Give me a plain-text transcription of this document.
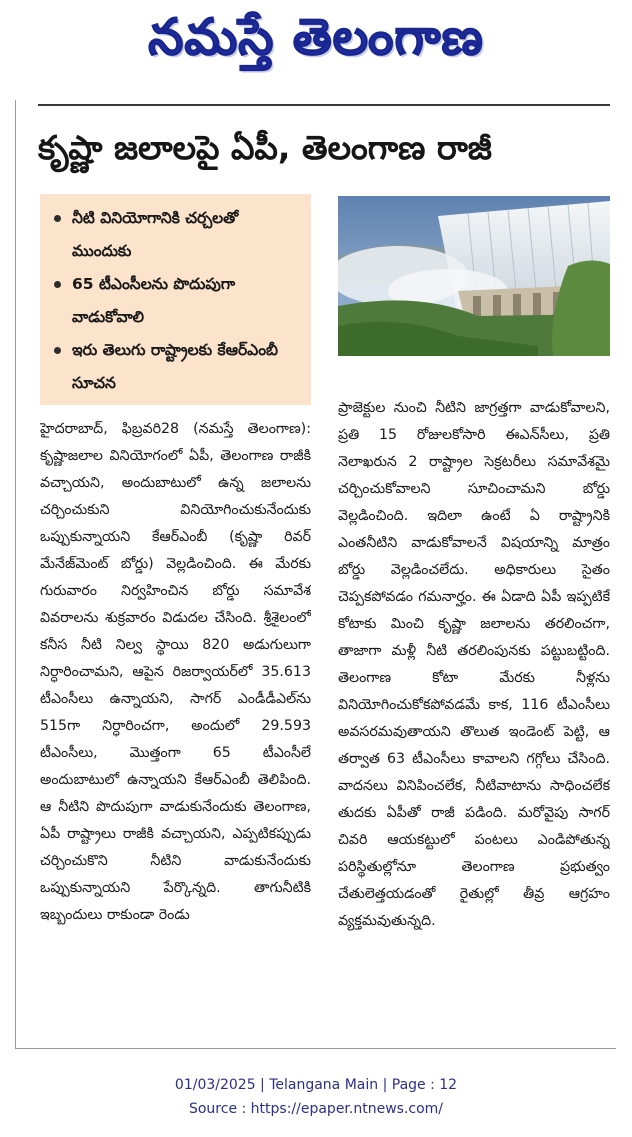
నమస్తే తెలంగాణ
కృష్ణా జలాలపై ఏపీ, తెలంగాణ రాజీ
నీటి వినియోగానికి చర్చలతో ముందుకు
65 టీఎంసీలను పొదుపుగా వాడుకోవాలి
ఇరు తెలుగు రాష్ట్రాలకు కేఆర్‌ఎంబీ సూచన
హైదరాబాద్, ఫిబ్రవరి28 (నమస్తే తెలంగాణ): కృష్ణాజలాల వినియోగంలో ఏపీ, తెలంగాణ రాజీకి వచ్చాయని, అందుబాటులో ఉన్న జలాలను చర్చించుకుని వినియోగించుకునేందుకు ఒప్పుకున్నాయని కేఆర్‌ఎంబీ (కృష్ణా రివర్ మేనేజ్‌మెంట్ బోర్డు) వెల్లడించింది. ఈ మేరకు గురువారం నిర్వహించిన బోర్డు సమావేశ వివరాలను శుక్రవారం విడుదల చేసింది. శ్రీశైలంలో కనీస నీటి నిల్వ స్థాయి 820 అడుగులుగా నిర్ధారించామని, ఆపైన రిజర్వాయర్‌లో 35.613 టీఎంసీలు ఉన్నాయని, సాగర్ ఎండీడీఎల్‌ను 515గా నిర్ధారించగా, అందులో 29.593 టీఎంసీలు, మొత్తంగా 65 టీఎంసీలే అందుబాటులో ఉన్నాయని కేఆర్‌ఎంబీ తెలిపింది. ఆ నీటిని పొదుపుగా వాడుకునేందుకు తెలంగాణ, ఏపీ రాష్ట్రాలు రాజీకి వచ్చాయని, ఎప్పటికప్పుడు చర్చించుకొని నీటిని వాడుకునేందుకు ఒప్పుకున్నాయని పేర్కొన్నది. తాగునీటికి ఇబ్బందులు రాకుండా రెండు
ప్రాజెక్టుల నుంచి నీటిని జాగ్రత్తగా వాడుకోవాలని, ప్రతి 15 రోజులకోసారి ఈఎన్‌సీలు, ప్రతి నెలాఖరున 2 రాష్ట్రాల సెక్రటరీలు సమావేశమై చర్చించుకోవాలని సూచించామని బోర్డు వెల్లడించింది. ఇదిలా ఉంటే ఏ రాష్ట్రానికి ఎంతనీటిని వాడుకోవాలనే విషయాన్ని మాత్రం బోర్డు వెల్లడించలేదు. అధికారులు సైతం చెప్పకపోవడం గమనార్హం. ఈ ఏడాది ఏపీ ఇప్పటికే కోటాకు మించి కృష్ణా జలాలను తరలించగా, తాజాగా మళ్లీ నీటి తరలింపునకు పట్టుబట్టింది. తెలంగాణ కోటా మేరకు నీళ్లను వినియోగించుకోకపోవడమే కాక, 116 టీఎంసీలు అవసరమవుతాయని తొలుత ఇండెంట్ పెట్టి, ఆ తర్వాత 63 టీఎంసీలు కావాలని గగ్గోలు చేసింది. వాదనలు వినిపించలేక, నీటివాటాను సాధించలేక తుదకు ఏపీతో రాజీ పడింది. మరోవైపు సాగర్ చివరి ఆయకట్టులో పంటలు ఎండిపోతున్న పరిస్థితుల్లోనూ తెలంగాణ ప్రభుత్వం చేతులెత్తయడంతో రైతుల్లో తీవ్ర ఆగ్రహం వ్యక్తమవుతున్నది.
01/03/2025 | Telangana Main | Page : 12
Source : https://epaper.ntnews.com/
